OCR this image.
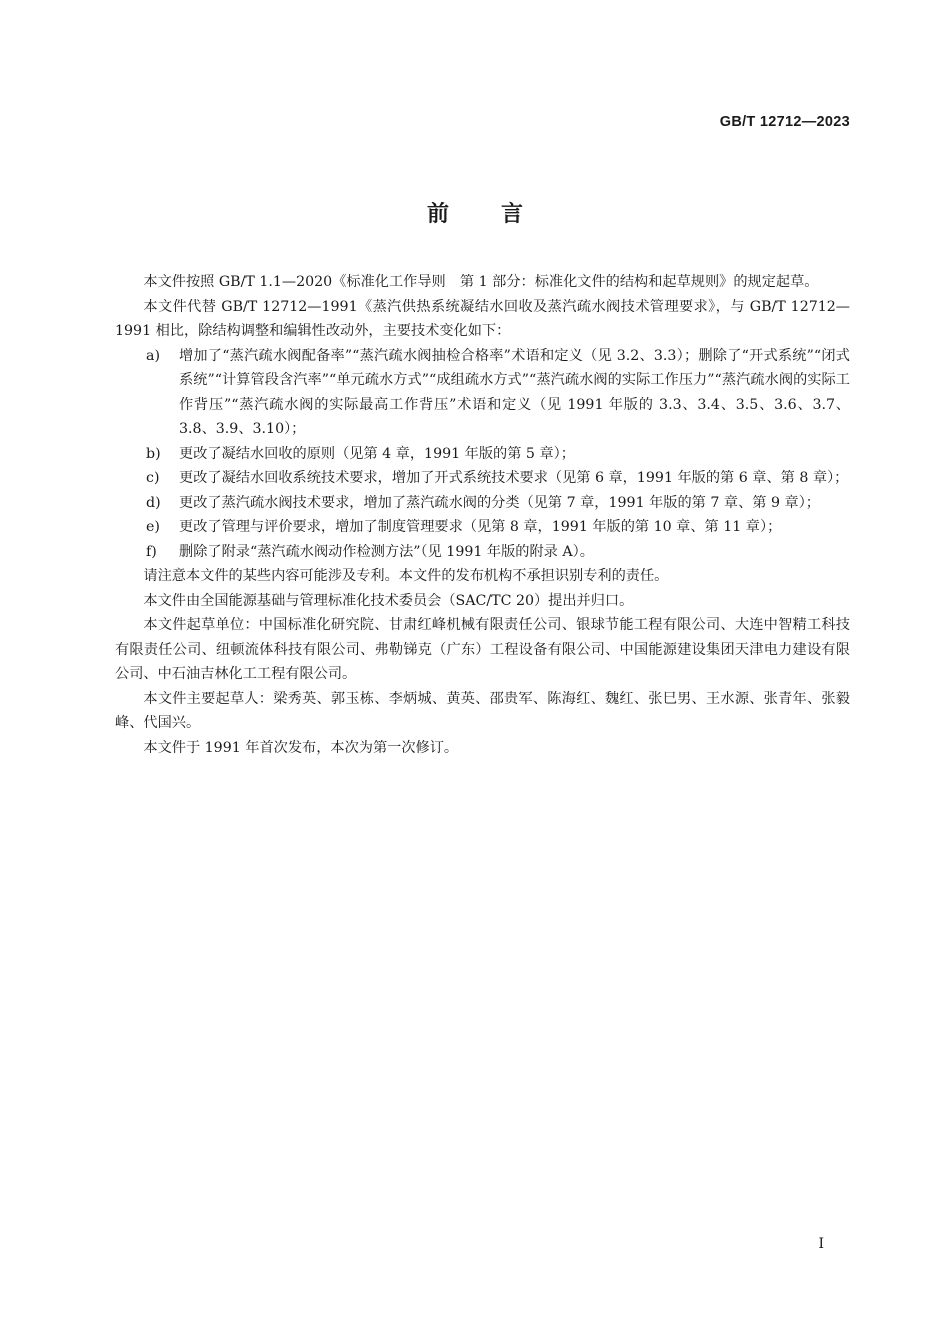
GB/T 12712—2023
前言

本文件按照 GB/T 1.1—2020《标准化工作导则　第 1 部分：标准化文件的结构和起草规则》的规定起草。

本文件代替 GB/T 12712—1991《蒸汽供热系统凝结水回收及蒸汽疏水阀技术管理要求》，与 GB/T 12712—1991 相比，除结构调整和编辑性改动外，主要技术变化如下：

a) 增加了“蒸汽疏水阀配备率”“蒸汽疏水阀抽检合格率”术语和定义（见 3.2、3.3）；删除了“开式系统”“闭式系统”“计算管段含汽率”“单元疏水方式”“成组疏水方式”“蒸汽疏水阀的实际工作压力”“蒸汽疏水阀的实际工作背压”“蒸汽疏水阀的实际最高工作背压”术语和定义（见 1991 年版的 3.3、3.4、3.5、3.6、3.7、3.8、3.9、3.10）；
b) 更改了凝结水回收的原则（见第 4 章，1991 年版的第 5 章）；
c) 更改了凝结水回收系统技术要求，增加了开式系统技术要求（见第 6 章，1991 年版的第 6 章、第 8 章）；
d) 更改了蒸汽疏水阀技术要求，增加了蒸汽疏水阀的分类（见第 7 章，1991 年版的第 7 章、第 9 章）；
e) 更改了管理与评价要求，增加了制度管理要求（见第 8 章，1991 年版的第 10 章、第 11 章）；
f) 删除了附录“蒸汽疏水阀动作检测方法”（见 1991 年版的附录 A）。

请注意本文件的某些内容可能涉及专利。本文件的发布机构不承担识别专利的责任。

本文件由全国能源基础与管理标准化技术委员会（SAC/TC 20）提出并归口。

本文件起草单位：中国标准化研究院、甘肃红峰机械有限责任公司、银球节能工程有限公司、大连中智精工科技有限责任公司、纽顿流体科技有限公司、弗勒锑克（广东）工程设备有限公司、中国能源建设集团天津电力建设有限公司、中石油吉林化工工程有限公司。

本文件主要起草人：梁秀英、郭玉栋、李炳城、黄英、邵贵军、陈海红、魏红、张巳男、王水源、张青年、张毅峰、代国兴。

本文件于 1991 年首次发布，本次为第一次修订。

I
